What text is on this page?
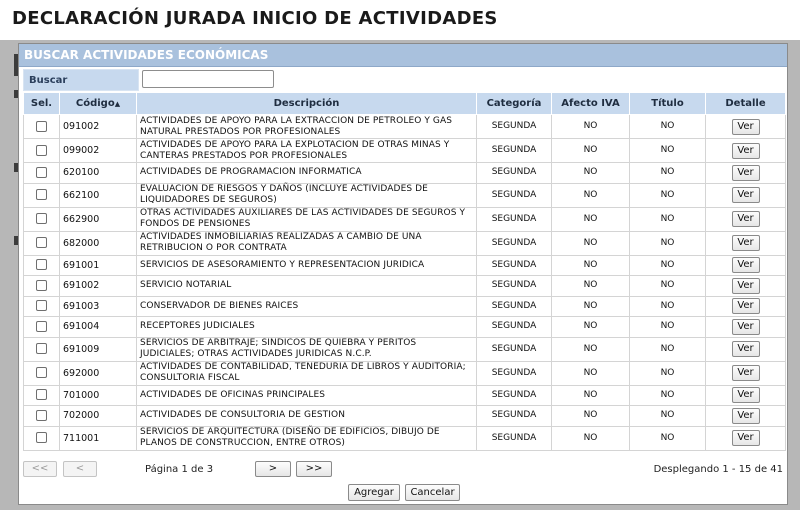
DECLARACIÓN JURADA INICIO DE ACTIVIDADES
BUSCAR ACTIVIDADES ECONÓMICAS
Buscar
Sel.	Código▲	Descripción	Categoría	Afecto IVA	Título	Detalle
	091002	ACTIVIDADES DE APOYO PARA LA EXTRACCION DE PETROLEO Y GAS NATURAL PRESTADOS POR PROFESIONALES	SEGUNDA	NO	NO	Ver
	099002	ACTIVIDADES DE APOYO PARA LA EXPLOTACION DE OTRAS MINAS Y CANTERAS PRESTADOS POR PROFESIONALES	SEGUNDA	NO	NO	Ver
	620100	ACTIVIDADES DE PROGRAMACION INFORMATICA	SEGUNDA	NO	NO	Ver
	662100	EVALUACION DE RIESGOS Y DAÑOS (INCLUYE ACTIVIDADES DE LIQUIDADORES DE SEGUROS)	SEGUNDA	NO	NO	Ver
	662900	OTRAS ACTIVIDADES AUXILIARES DE LAS ACTIVIDADES DE SEGUROS Y FONDOS DE PENSIONES	SEGUNDA	NO	NO	Ver
	682000	ACTIVIDADES INMOBILIARIAS REALIZADAS A CAMBIO DE UNA RETRIBUCION O POR CONTRATA	SEGUNDA	NO	NO	Ver
	691001	SERVICIOS DE ASESORAMIENTO Y REPRESENTACION JURIDICA	SEGUNDA	NO	NO	Ver
	691002	SERVICIO NOTARIAL	SEGUNDA	NO	NO	Ver
	691003	CONSERVADOR DE BIENES RAICES	SEGUNDA	NO	NO	Ver
	691004	RECEPTORES JUDICIALES	SEGUNDA	NO	NO	Ver
	691009	SERVICIOS DE ARBITRAJE; SINDICOS DE QUIEBRA Y PERITOS JUDICIALES; OTRAS ACTIVIDADES JURIDICAS N.C.P.	SEGUNDA	NO	NO	Ver
	692000	ACTIVIDADES DE CONTABILIDAD, TENEDURIA DE LIBROS Y AUDITORIA; CONSULTORIA FISCAL	SEGUNDA	NO	NO	Ver
	701000	ACTIVIDADES DE OFICINAS PRINCIPALES	SEGUNDA	NO	NO	Ver
	702000	ACTIVIDADES DE CONSULTORIA DE GESTION	SEGUNDA	NO	NO	Ver
	711001	SERVICIOS DE ARQUITECTURA (DISEÑO DE EDIFICIOS, DIBUJO DE PLANOS DE CONSTRUCCION, ENTRE OTROS)	SEGUNDA	NO	NO	Ver
<<	<	Página 1 de 3	>	>>	Desplegando 1 - 15 de 41
Agregar	Cancelar
